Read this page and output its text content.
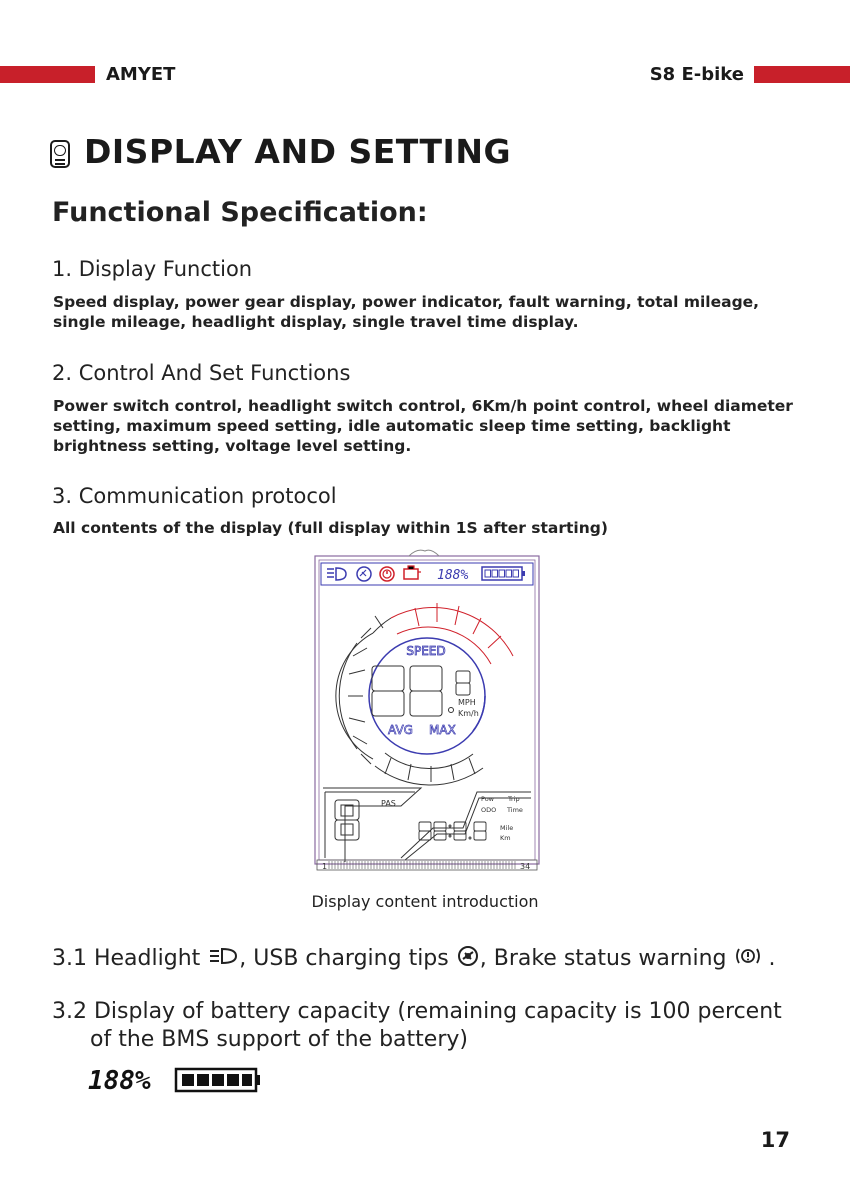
AMYET	S8 E-bike
DISPLAY AND SETTING
Functional Specification:
1. Display Function
Speed display, power gear display, power indicator, fault warning, total mileage, single mileage, headlight display, single travel time display.
2. Control And Set Functions
Power switch control, headlight switch control, 6Km/h point control, wheel diameter setting, maximum speed setting, idle automatic sleep time setting, backlight brightness setting, voltage level setting.
3. Communication protocol
All contents of the display (full display within 1S after starting)
188%
SPEED
MPH
Km/h
AVG MAX
PAS	Pow Trip
ODO Time
Mile
Km
1	34
Display content introduction
3.1 Headlight , USB charging tips , Brake status warning .
3.2 Display of battery capacity (remaining capacity is 100 percent
of the BMS support of the battery)
188%
17
